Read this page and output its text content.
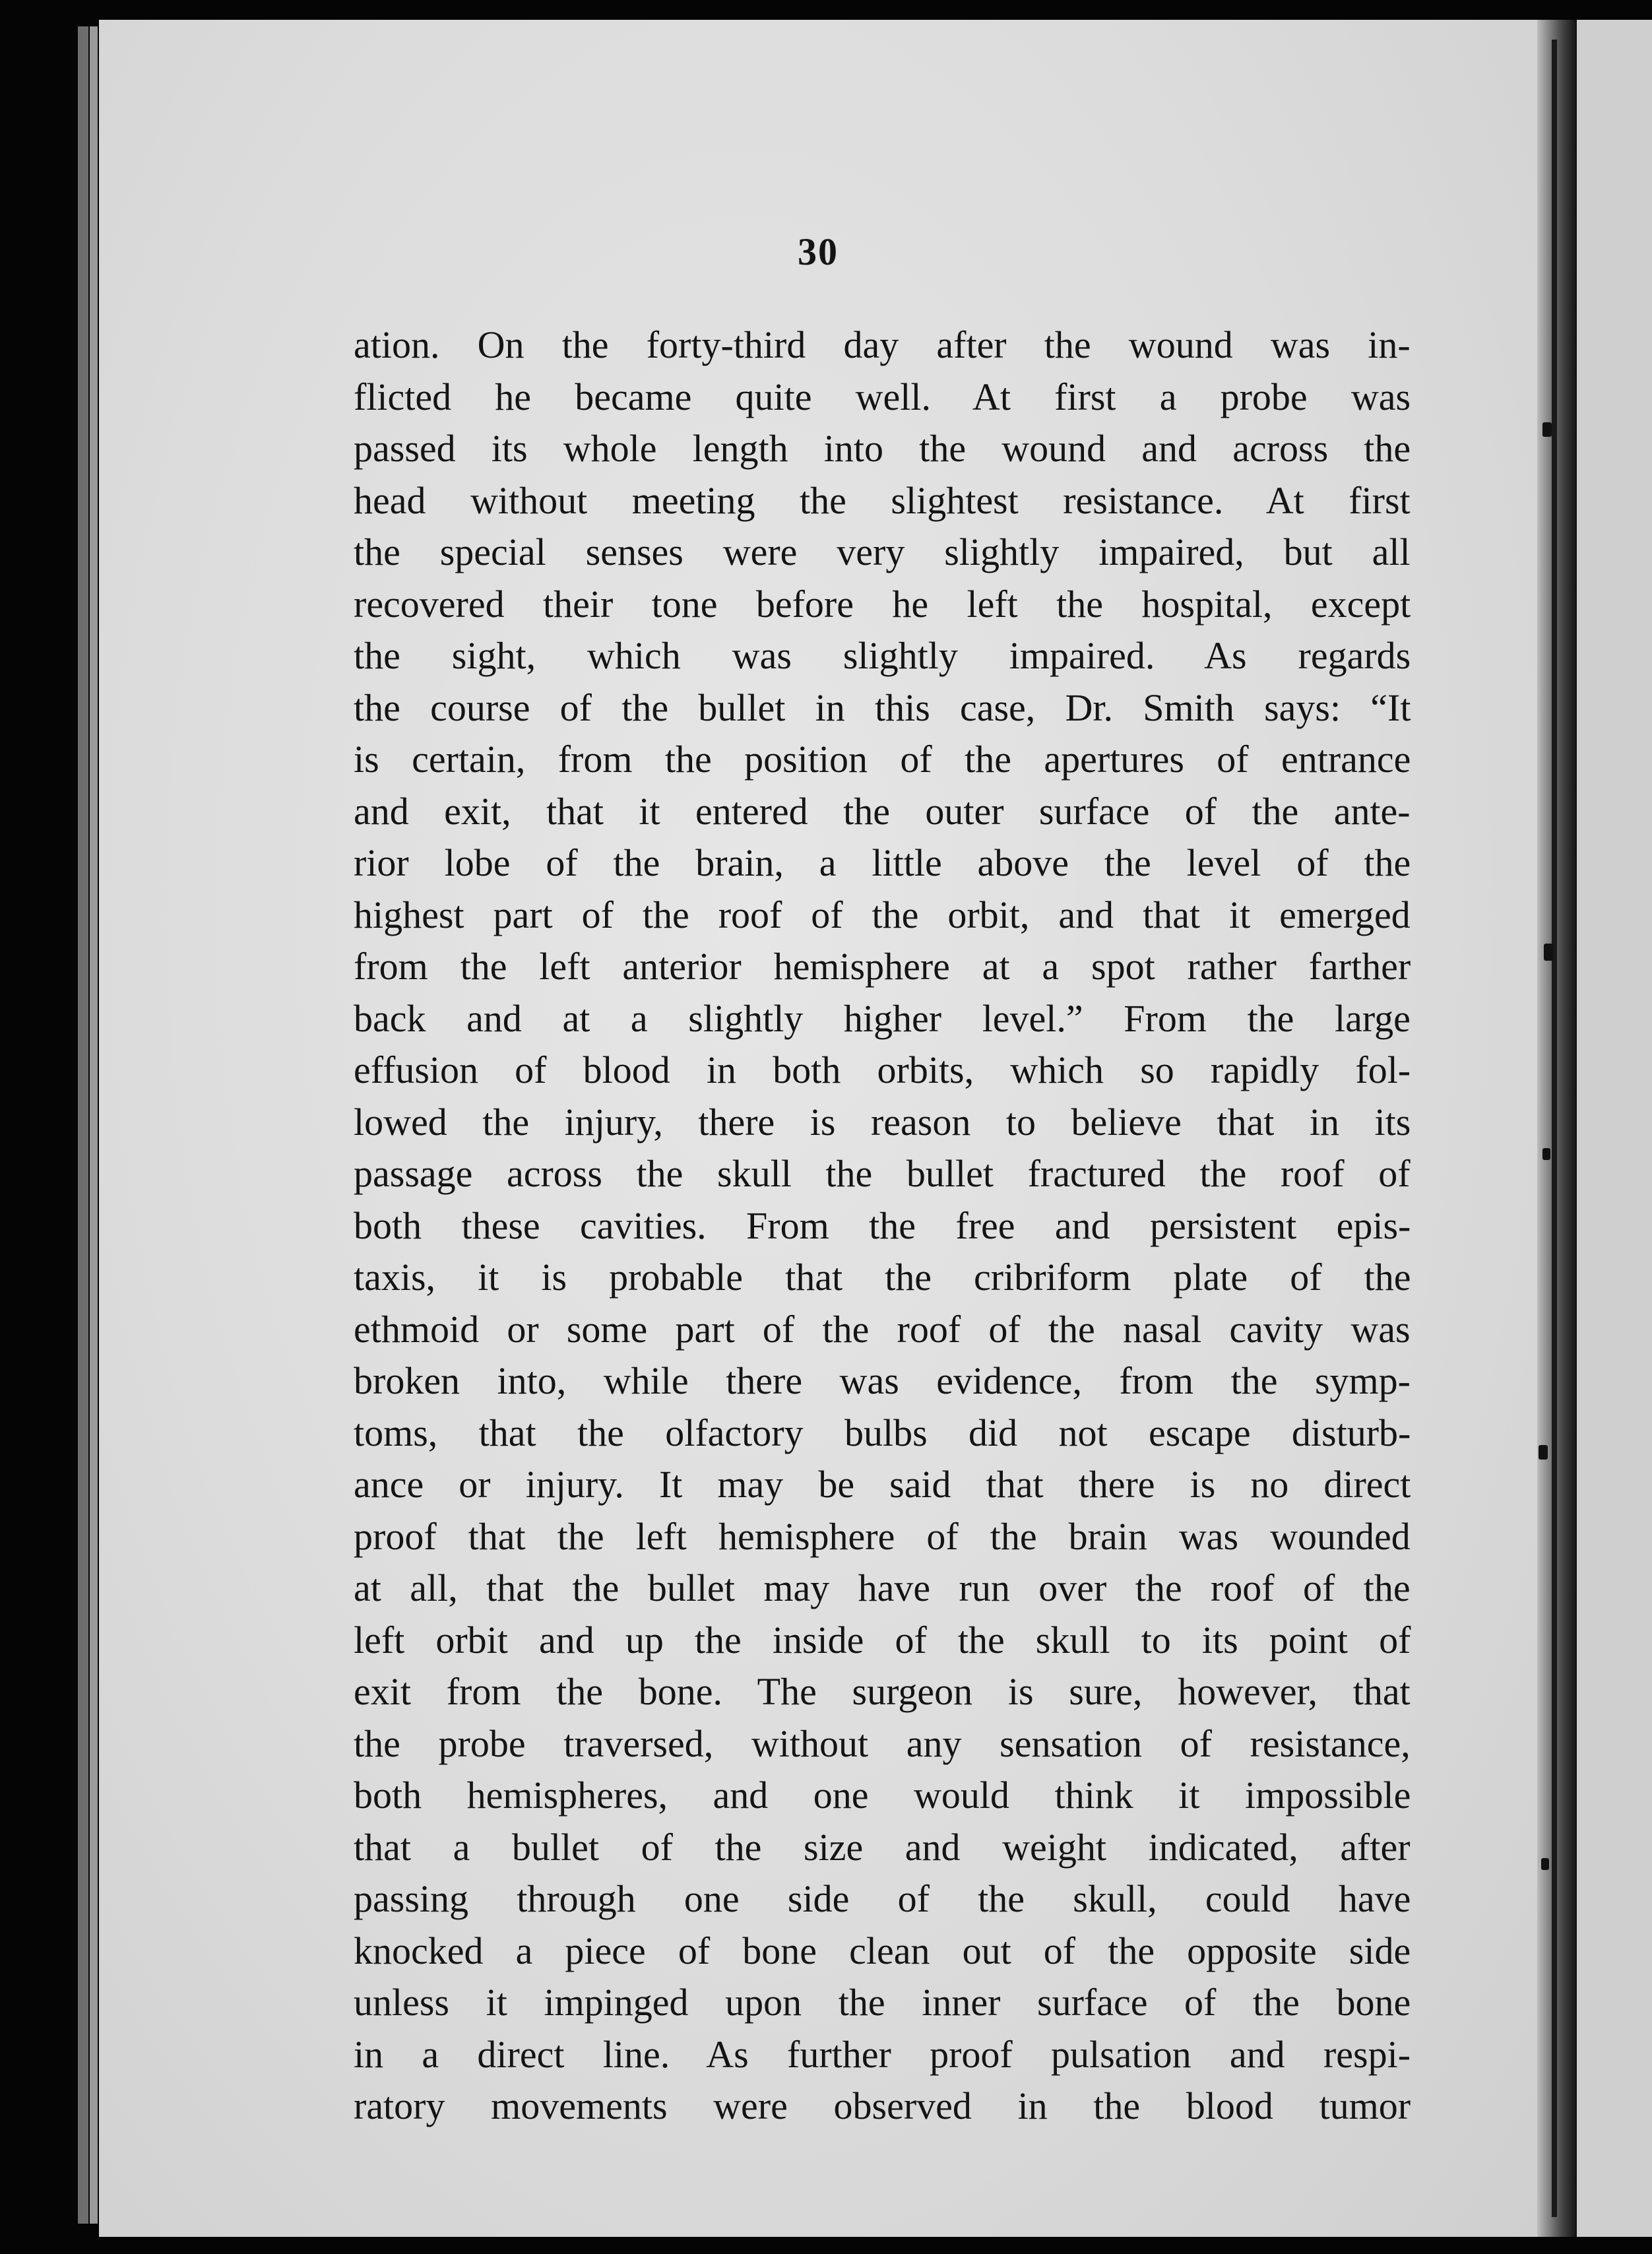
30
ation. On the forty-third day after the wound was in-
flicted he became quite well. At first a probe was
passed its whole length into the wound and across the
head without meeting the slightest resistance. At first
the special senses were very slightly impaired, but all
recovered their tone before he left the hospital, except
the sight, which was slightly impaired. As regards
the course of the bullet in this case, Dr. Smith says: “It
is certain, from the position of the apertures of entrance
and exit, that it entered the outer surface of the ante-
rior lobe of the brain, a little above the level of the
highest part of the roof of the orbit, and that it emerged
from the left anterior hemisphere at a spot rather farther
back and at a slightly higher level.” From the large
effusion of blood in both orbits, which so rapidly fol-
lowed the injury, there is reason to believe that in its
passage across the skull the bullet fractured the roof of
both these cavities. From the free and persistent epis-
taxis, it is probable that the cribriform plate of the
ethmoid or some part of the roof of the nasal cavity was
broken into, while there was evidence, from the symp-
toms, that the olfactory bulbs did not escape disturb-
ance or injury. It may be said that there is no direct
proof that the left hemisphere of the brain was wounded
at all, that the bullet may have run over the roof of the
left orbit and up the inside of the skull to its point of
exit from the bone. The surgeon is sure, however, that
the probe traversed, without any sensation of resistance,
both hemispheres, and one would think it impossible
that a bullet of the size and weight indicated, after
passing through one side of the skull, could have
knocked a piece of bone clean out of the opposite side
unless it impinged upon the inner surface of the bone
in a direct line. As further proof pulsation and respi-
ratory movements were observed in the blood tumor
